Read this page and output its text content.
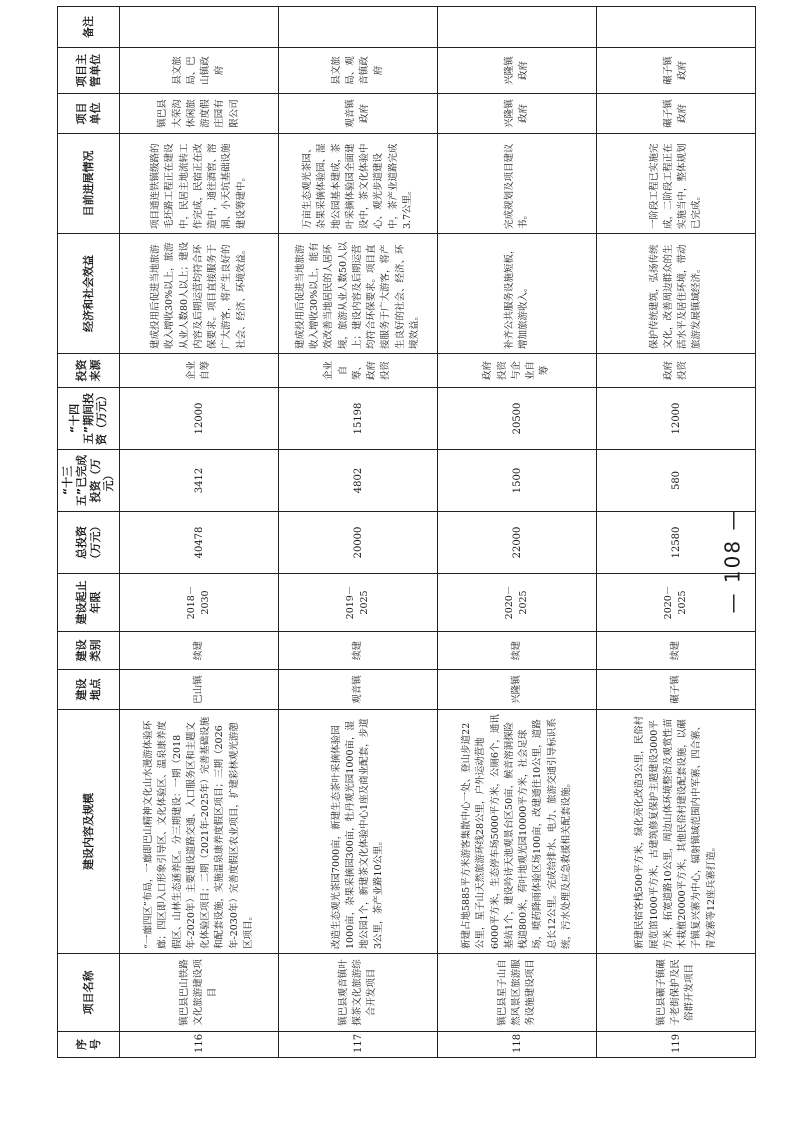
序号	项目名称	建设内容及规模	建设地点	建设类别	建设起止年限	总投资（万元）	“十三五”已完成投资（万元）	“十四五”期间投资（万元）	投资来源	经济和社会效益	目前进展情况	项目单位	项目主管单位	备注
116	镇巴县巴山铁路文化旅游建设项目	“一廊四区”布局，一廊即巴山精神文化山水漫游体验环廊；四区即入口形象引导区、文化体验区、温泉康养度假区、山林生态涵养区。分三期建设：一期（2018年-2020年）主要建设道路交通、入口服务区和主题文化体验区项目；二期（2021年-2025年）完善基础设施和配套设施，实施温泉康养度假区项目；三期（2026年-2030年）完善度假区农业项目，扩建彩林观光游憩区项目。	巴山镇	续建	2018－2030	40478	3412	12000	企业自筹	建成投用后促进当地旅游收入增收30%以上，旅游从业人数80人以上；建设内容及后期运营均符合环保要求。项目直接服务于广大游客，将产生良好的社会、经济、环境效益。	项目通连铁镇级路的毛坯路工程正在建设中，民居主地流转工作完成，民宿正在改造中，通往酒窖、溶洞、小天坑基础设施建设筹建中。	镇巴县大荣沟休闲旅游度假庄园有限公司	县文旅局、巴山镇政府	
117	镇巴县观音镇叶探茶文化旅游综合开发项目	改造生态观光茶园7000亩，新建生态茶叶采摘体验园1000亩，杂果采摘园300亩，牡丹观光园1000亩，湿地公园1个，新建茶文化体验中心1座及商业配套，步道3公里，茶产业路10公里。	观音镇	续建	2019－2025	20000	4802	15198	企业自筹、政府投资	建成投用后促进当地旅游收入增收30%以上，能有效改善当地居民的人居环境，旅游从业人数50人以上；建设内容及后期运营均符合环保要求。项目直接服务于广大游客，将产生良好的社会、经济、环境效益。	万亩生态观光茶园、杂果采摘体验园、湿地公园基本建成，茶叶采摘体验园全面建设中，茶文化体验中心、观光步道建设中，茶产业道路完成3.7公里。	观音镇政府	县文旅局、观音镇政府	
118	镇巴县星子山自然风景区旅游服务设施建设项目	新建占地5885平方米游客集散中心一处、登山步道22公里，星子山天然旅游环线28公里，户外运动营地6000平方米，生态停车场5000平方米，公厕6个，通讯基站1个，建设吟诗天池观景台区50亩，候音溶洞探险栈道800米，荷叶地观光园10000平方米，社会足球场，喷药降雨体验区场100亩，改建通往10公里，道路总长12公里。完成给排水、电力、旅游交通引导标识系统，污水处理及应急救援相关配套设施。	兴隆镇	续建	2020－2025	22000	1500	20500	政府投资与企业自筹	补齐公共服务设施短板，增加旅游收入。	完成规划及项目建议书。	兴隆镇政府	兴隆镇政府	
119	镇巴县碾子镇碾子老街保护及民俗群开发项目	新建民宿客栈500平方米，绿化亮化改造3公里，民俗村展览馆1000平方米，古建筑修复保护主题建设3000平方米，拓宽道路10公里，周边山体环境整治及观赏性苗木栽植20000平方米，其他民俗村建设配套设施，以碾子镇复兴寨为中心，辐射镇域范围内中军寨、四合寨、青龙寨等12座兵寨打造。	碾子镇	续建	2020－2025	12580	580	12000	政府投资	保护传统建筑，弘扬传统文化，改善周边群众的生活水平及居住环境，带动旅游发展镇域经济。	一阶段工程已实施完成，二阶段工程正在实施当中，整体规划已完成。	碾子镇政府	碾子镇政府	
— 108 —
